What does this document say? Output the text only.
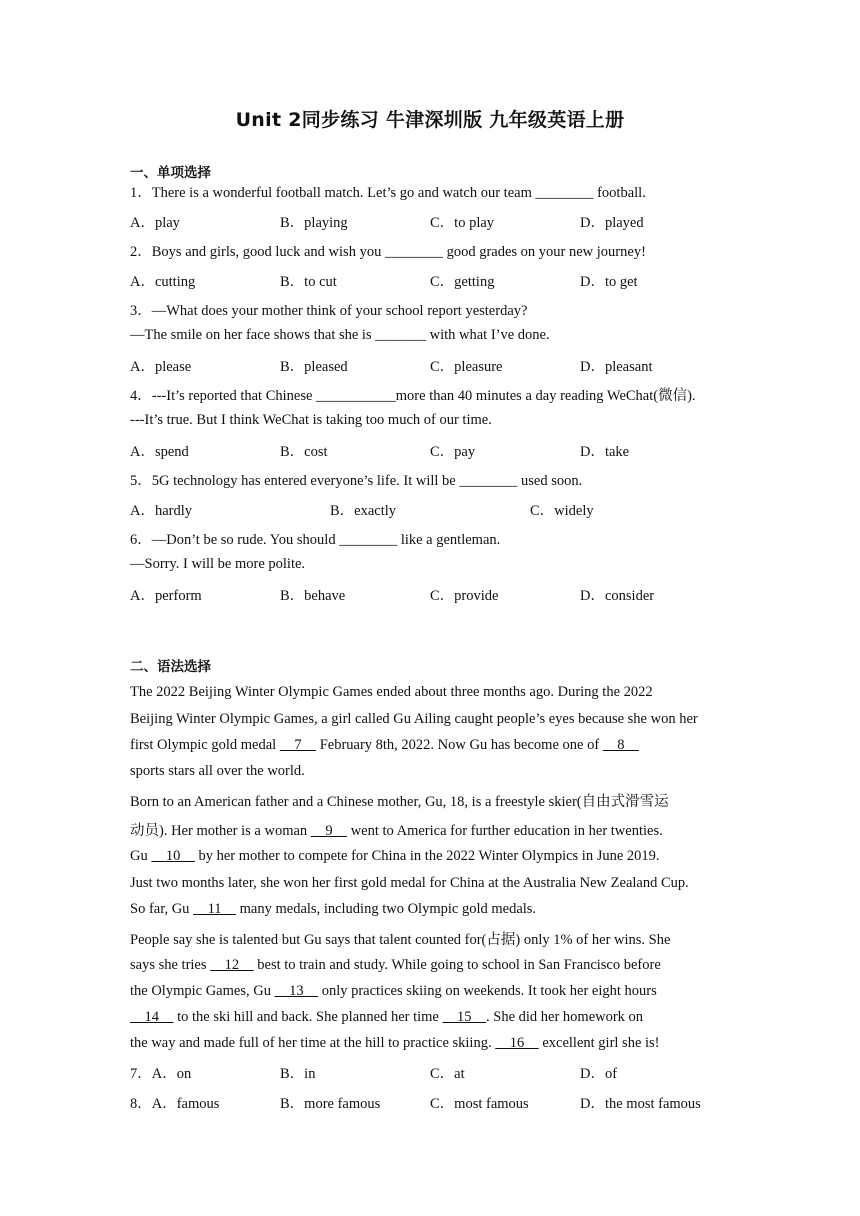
Unit 2同步练习 牛津深圳版 九年级英语上册
一、单项选择
1．There is a wonderful football match. Let’s go and watch our team ________ football.
A．play	B．playing	C．to play	D．played
2．Boys and girls, good luck and wish you ________ good grades on your new journey!
A．cutting	B．to cut	C．getting	D．to get
3．—What does your mother think of your school report yesterday?
—The smile on her face shows that she is _______ with what I’ve done.
A．please	B．pleased	C．pleasure	D．pleasant
4．---It’s reported that Chinese ___________more than 40 minutes a day reading WeChat(微信).
---It’s true. But I think WeChat is taking too much of our time.
A．spend	B．cost	C．pay	D．take
5．5G technology has entered everyone’s life. It will be ________ used soon.
A．hardly	B．exactly	C．widely
6．—Don’t be so rude. You should ________ like a gentleman.
—Sorry. I will be more polite.
A．perform	B．behave	C．provide	D．consider
二、语法选择
The 2022 Beijing Winter Olympic Games ended about three months ago. During the 2022
Beijing Winter Olympic Games, a girl called Gu Ailing caught people’s eyes because she won her
first Olympic gold medal     7     February 8th, 2022. Now Gu has become one of     8
sports stars all over the world.
Born to an American father and a Chinese mother, Gu, 18, is a freestyle skier(自由式滑雪运
动员). Her mother is a woman     9     went to America for further education in her twenties.
Gu     10     by her mother to compete for China in the 2022 Winter Olympics in June 2019.
Just two months later, she won her first gold medal for China at the Australia New Zealand Cup.
So far, Gu     11     many medals, including two Olympic gold medals.
People say she is talented but Gu says that talent counted for(占据) only 1% of her wins. She
says she tries     12     best to train and study. While going to school in San Francisco before
the Olympic Games, Gu     13     only practices skiing on weekends. It took her eight hours
14     to the ski hill and back. She planned her time     15    . She did her homework on
the way and made full of her time at the hill to practice skiing.     16     excellent girl she is!
7．A．on	B．in	C．at	D．of
8．A．famous	B．more famous	C．most famous	D．the most famous
